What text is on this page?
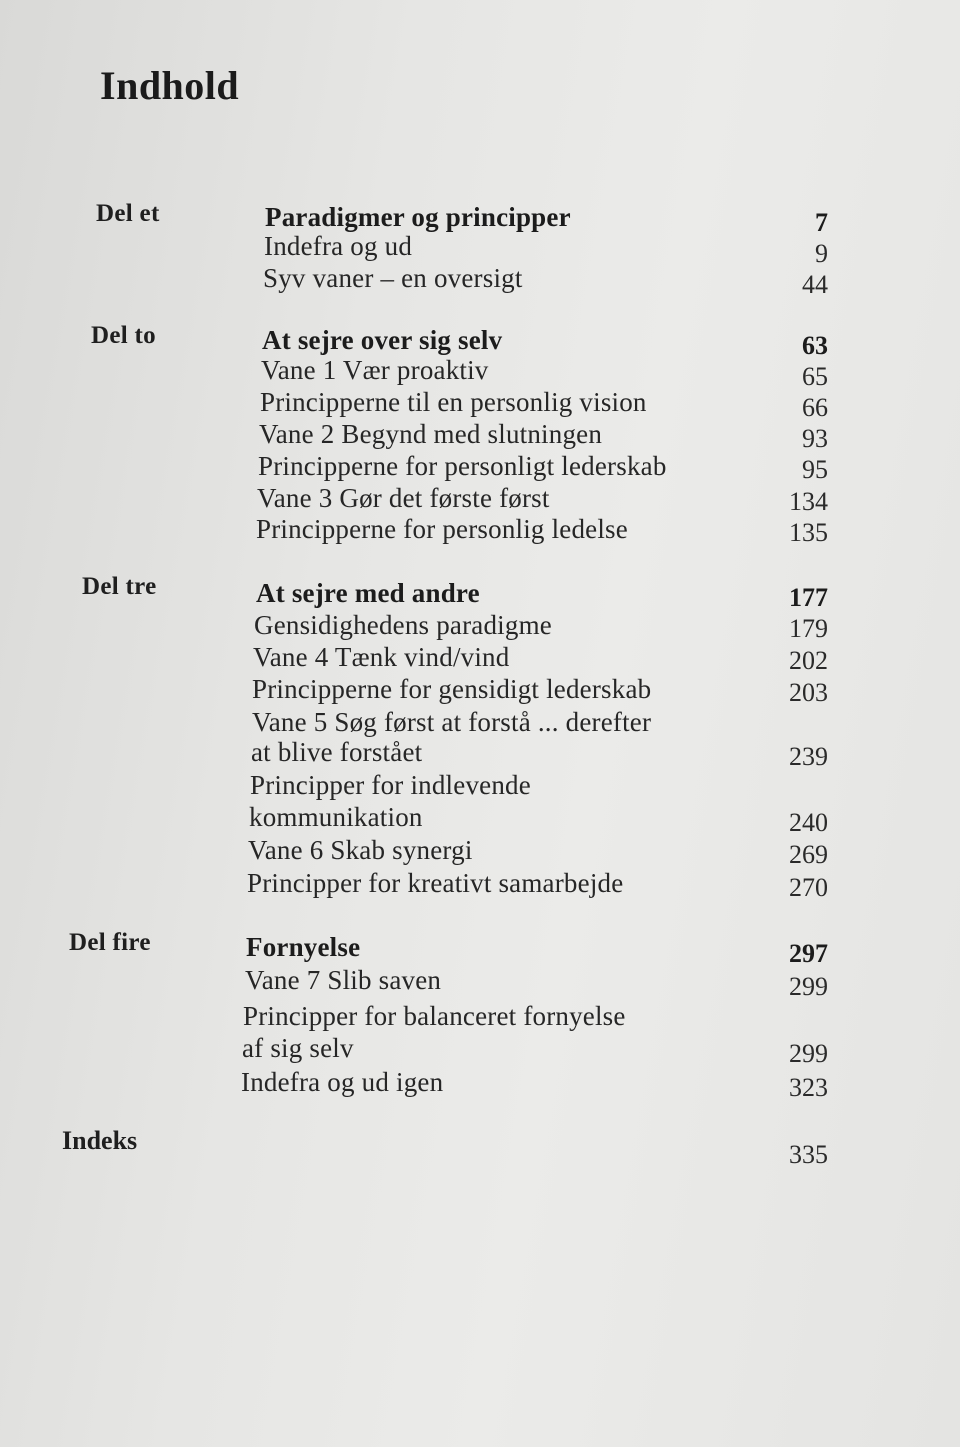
Indhold
Del et	Paradigmer og principper	7
Indefra og ud	9
Syv vaner – en oversigt	44
Del to	At sejre over sig selv	63
Vane 1 Vær proaktiv	65
Principperne til en personlig vision	66
Vane 2 Begynd med slutningen	93
Principperne for personligt lederskab	95
Vane 3 Gør det første først	134
Principperne for personlig ledelse	135
Del tre	At sejre med andre	177
Gensidighedens paradigme	179
Vane 4 Tænk vind/vind	202
Principperne for gensidigt lederskab	203
Vane 5 Søg først at forstå ... derefter
at blive forstået	239
Principper for indlevende
kommunikation	240
Vane 6 Skab synergi	269
Principper for kreativt samarbejde	270
Del fire	Fornyelse	297
Vane 7 Slib saven	299
Principper for balanceret fornyelse
af sig selv	299
Indefra og ud igen	323
Indeks	335
